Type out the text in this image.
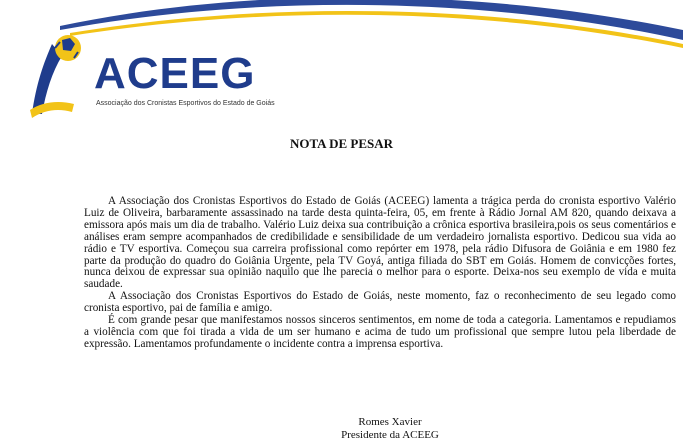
ACEEG
Associação dos Cronistas Esportivos do Estado de Goiás
NOTA DE PESAR

A Associação dos Cronistas Esportivos do Estado de Goiás (ACEEG) lamenta a trágica perda do cronista esportivo Valério Luiz de Oliveira, barbaramente assassinado na tarde desta quinta-feira, 05, em frente à Rádio Jornal AM 820, quando deixava a emissora após mais um dia de trabalho. Valério Luiz deixa sua contribuição a crônica esportiva brasileira,pois os seus comentários e análises eram sempre acompanhados de credibilidade e sensibilidade de um verdadeiro jornalista esportivo. Dedicou sua vida ao rádio e TV esportiva. Começou sua carreira profissional como repórter em 1978, pela rádio Difusora de Goiânia e em 1980 fez parte da produção do quadro do Goiânia Urgente, pela TV Goyá, antiga filiada do SBT em Goiás. Homem de convicções fortes, nunca deixou de expressar sua opinião naquilo que lhe parecia o melhor para o esporte. Deixa-nos seu exemplo de vida e muita saudade.

A Associação dos Cronistas Esportivos do Estado de Goiás, neste momento, faz o reconhecimento de seu legado como cronista esportivo, pai de família e amigo.

É com grande pesar que manifestamos nossos sinceros sentimentos, em nome de toda a categoria. Lamentamos e repudiamos a violência com que foi tirada a vida de um ser humano e acima de tudo um profissional que sempre lutou pela liberdade de expressão. Lamentamos profundamente o incidente contra a imprensa esportiva.

Romes Xavier
Presidente da ACEEG
